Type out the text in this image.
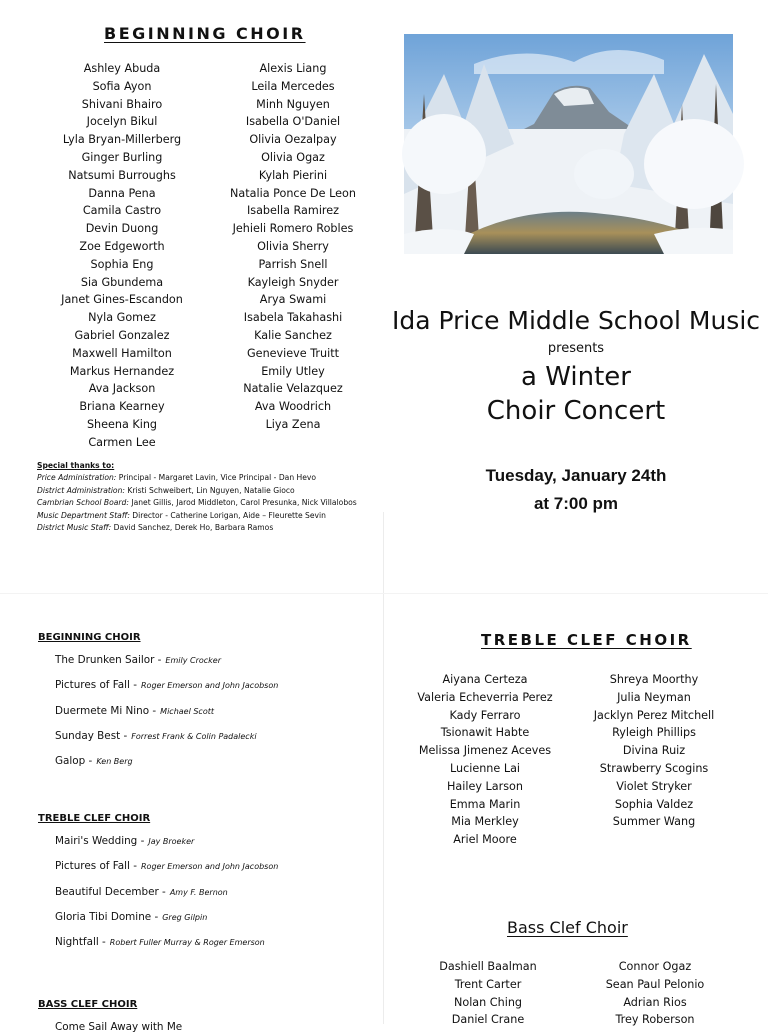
BEGINNING CHOIR
Ashley Abuda
Sofia Ayon
Shivani Bhairo
Jocelyn Bikul
Lyla Bryan-Millerberg
Ginger Burling
Natsumi Burroughs
Danna Pena
Camila Castro
Devin Duong
Zoe Edgeworth
Sophia Eng
Sia Gbundema
Janet Gines-Escandon
Nyla Gomez
Gabriel Gonzalez
Maxwell Hamilton
Markus Hernandez
Ava Jackson
Briana Kearney
Sheena King
Carmen Lee
Alexis Liang
Leila Mercedes
Minh Nguyen
Isabella O'Daniel
Olivia Oezalpay
Olivia Ogaz
Kylah Pierini
Natalia Ponce De Leon
Isabella Ramirez
Jehieli Romero Robles
Olivia Sherry
Parrish Snell
Kayleigh Snyder
Arya Swami
Isabela Takahashi
Kalie Sanchez
Genevieve Truitt
Emily Utley
Natalie Velazquez
Ava Woodrich
Liya Zena
Special thanks to:
Price Administration: Principal - Margaret Lavin, Vice Principal - Dan Hevo
District Administration: Kristi Schweibert, Lin Nguyen, Natalie Gioco
Cambrian School Board: Janet Gillis, Jarod Middleton, Carol Presunka, Nick Villalobos
Music Department Staff: Director - Catherine Lorigan, Aide – Fleurette Sevin
District Music Staff: David Sanchez, Derek Ho, Barbara Ramos
Ida Price Middle School Music
presents
a Winter
Choir Concert
Tuesday, January 24th
at 7:00 pm
BEGINNING CHOIR
The Drunken Sailor - Emily Crocker
Pictures of Fall - Roger Emerson and John Jacobson
Duermete Mi Nino - Michael Scott
Sunday Best - Forrest Frank & Colin Padalecki
Galop - Ken Berg
TREBLE CLEF CHOIR
Mairi's Wedding - Jay Broeker
Pictures of Fall - Roger Emerson and John Jacobson
Beautiful December - Amy F. Bernon
Gloria Tibi Domine - Greg Gilpin
Nightfall - Robert Fuller Murray & Roger Emerson
BASS CLEF CHOIR
Come Sail Away with Me
TREBLE CLEF CHOIR
Aiyana Certeza
Valeria Echeverria Perez
Kady Ferraro
Tsionawit Habte
Melissa Jimenez Aceves
Lucienne Lai
Hailey Larson
Emma Marin
Mia Merkley
Ariel Moore
Shreya Moorthy
Julia Neyman
Jacklyn Perez Mitchell
Ryleigh Phillips
Divina Ruiz
Strawberry Scogins
Violet Stryker
Sophia Valdez
Summer Wang
Bass Clef Choir
Dashiell Baalman
Trent Carter
Nolan Ching
Daniel Crane
Connor Ogaz
Sean Paul Pelonio
Adrian Rios
Trey Roberson
